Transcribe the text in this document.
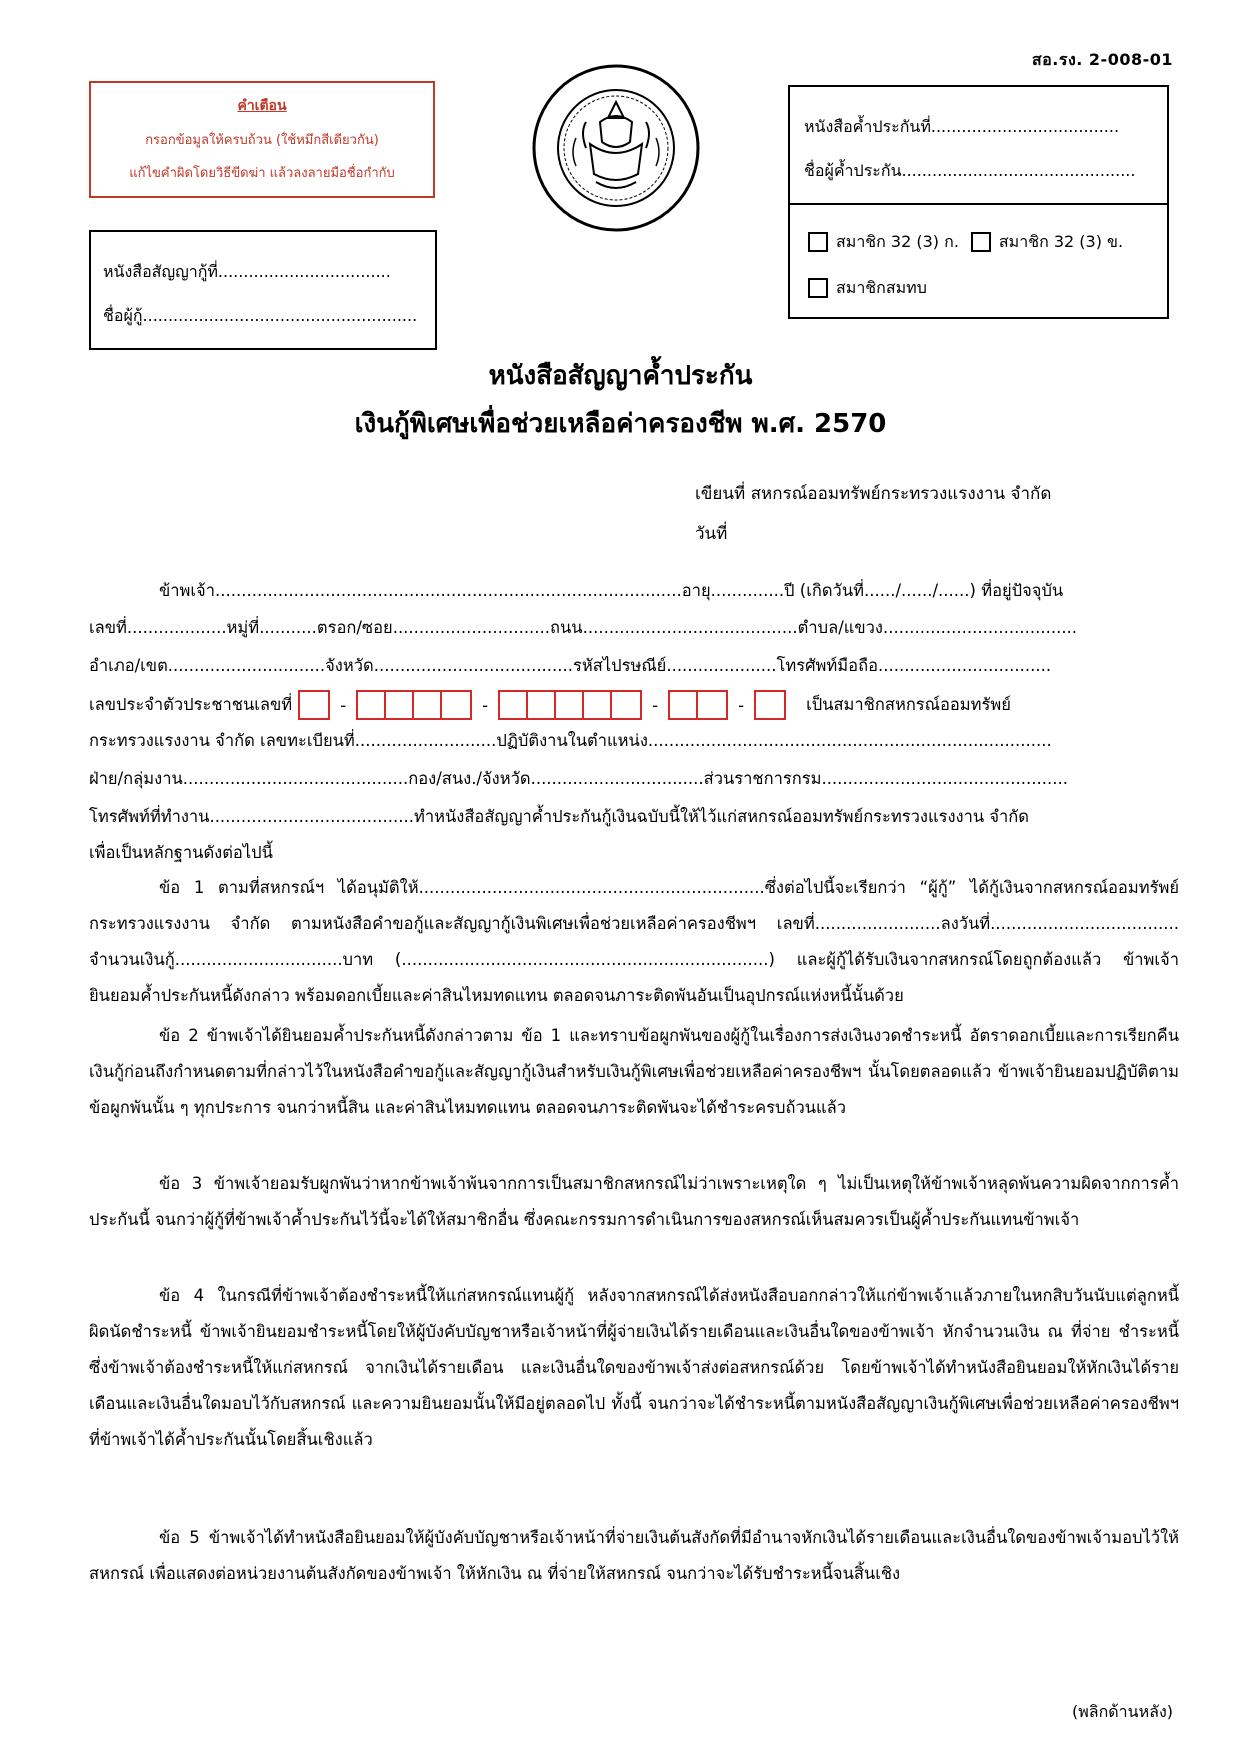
สอ.รง. 2-008-01
คำเตือน
กรอกข้อมูลให้ครบถ้วน (ใช้หมึกสีเดียวกัน)
แก้ไขคำผิดโดยวิธีขีดฆ่า แล้วลงลายมือชื่อกำกับ
หนังสือสัญญากู้ที่..................................
ชื่อผู้กู้......................................................
หนังสือค้ำประกันที่.....................................
ชื่อผู้ค้ำประกัน..............................................
สมาชิก 32 (3) ก.	สมาชิก 32 (3) ข.
สมาชิกสมทบ
หนังสือสัญญาค้ำประกัน
เงินกู้พิเศษเพื่อช่วยเหลือค่าครองชีพ พ.ศ. 2570
เขียนที่ สหกรณ์ออมทรัพย์กระทรวงแรงงาน จำกัด
วันที่
ข้าพเจ้า.........................................................................................อายุ..............ปี (เกิดวันที่....../....../......) ที่อยู่ปัจจุบัน
เลขที่...................หมู่ที่...........ตรอก/ซอย..............................ถนน.........................................ตำบล/แขวง.....................................
อำเภอ/เขต..............................จังหวัด......................................รหัสไปรษณีย์.....................โทรศัพท์มือถือ.................................
เลขประจำตัวประชาชนเลขที่	-	-	-	-	เป็นสมาชิกสหกรณ์ออมทรัพย์
กระทรวงแรงงาน จำกัด เลขทะเบียนที่...........................ปฏิบัติงานในตำแหน่ง.............................................................................
ฝ่าย/กลุ่มงาน...........................................กอง/สนง./จังหวัด.................................ส่วนราชการกรม...............................................
โทรศัพท์ที่ทำงาน.......................................ทำหนังสือสัญญาค้ำประกันกู้เงินฉบับนี้ให้ไว้แก่สหกรณ์ออมทรัพย์กระทรวงแรงงาน จำกัด
เพื่อเป็นหลักฐานดังต่อไปนี้
ข้อ 1 ตามที่สหกรณ์ฯ ได้อนุมัติให้..................................................................ซึ่งต่อไปนี้จะเรียกว่า “ผู้กู้” ได้กู้เงินจากสหกรณ์ออมทรัพย์กระทรวงแรงงาน จำกัด ตามหนังสือคำขอกู้และสัญญากู้เงินพิเศษเพื่อช่วยเหลือค่าครองชีพฯ เลขที่........................ลงวันที่.................................... จำนวนเงินกู้................................บาท (......................................................................) และผู้กู้ได้รับเงินจากสหกรณ์โดยถูกต้องแล้ว ข้าพเจ้ายินยอมค้ำประกันหนี้ดังกล่าว พร้อมดอกเบี้ยและค่าสินไหมทดแทน ตลอดจนภาระติดพันอันเป็นอุปกรณ์แห่งหนี้นั้นด้วย
ข้อ 2 ข้าพเจ้าได้ยินยอมค้ำประกันหนี้ดังกล่าวตาม ข้อ 1 และทราบข้อผูกพันของผู้กู้ในเรื่องการส่งเงินงวดชำระหนี้ อัตราดอกเบี้ยและการเรียกคืนเงินกู้ก่อนถึงกำหนดตามที่กล่าวไว้ในหนังสือคำขอกู้และสัญญากู้เงินสำหรับเงินกู้พิเศษเพื่อช่วยเหลือค่าครองชีพฯ นั้นโดยตลอดแล้ว ข้าพเจ้ายินยอมปฏิบัติตามข้อผูกพันนั้น ๆ ทุกประการ จนกว่าหนี้สิน และค่าสินไหมทดแทน ตลอดจนภาระติดพันจะได้ชำระครบถ้วนแล้ว
ข้อ 3 ข้าพเจ้ายอมรับผูกพันว่าหากข้าพเจ้าพ้นจากการเป็นสมาชิกสหกรณ์ไม่ว่าเพราะเหตุใด ๆ ไม่เป็นเหตุให้ข้าพเจ้าหลุดพ้นความผิดจากการค้ำประกันนี้ จนกว่าผู้กู้ที่ข้าพเจ้าค้ำประกันไว้นี้จะได้ให้สมาชิกอื่น ซึ่งคณะกรรมการดำเนินการของสหกรณ์เห็นสมควรเป็นผู้ค้ำประกันแทนข้าพเจ้า
ข้อ 4 ในกรณีที่ข้าพเจ้าต้องชำระหนี้ให้แก่สหกรณ์แทนผู้กู้ หลังจากสหกรณ์ได้ส่งหนังสือบอกกล่าวให้แก่ข้าพเจ้าแล้วภายในหกสิบวันนับแต่ลูกหนี้ผิดนัดชำระหนี้ ข้าพเจ้ายินยอมชำระหนี้โดยให้ผู้บังคับบัญชาหรือเจ้าหน้าที่ผู้จ่ายเงินได้รายเดือนและเงินอื่นใดของข้าพเจ้า หักจำนวนเงิน ณ ที่จ่าย ชำระหนี้ซึ่งข้าพเจ้าต้องชำระหนี้ให้แก่สหกรณ์ จากเงินได้รายเดือน และเงินอื่นใดของข้าพเจ้าส่งต่อสหกรณ์ด้วย โดยข้าพเจ้าได้ทำหนังสือยินยอมให้หักเงินได้รายเดือนและเงินอื่นใดมอบไว้กับสหกรณ์ และความยินยอมนั้นให้มีอยู่ตลอดไป ทั้งนี้ จนกว่าจะได้ชำระหนี้ตามหนังสือสัญญาเงินกู้พิเศษเพื่อช่วยเหลือค่าครองชีพฯ ที่ข้าพเจ้าได้ค้ำประกันนั้นโดยสิ้นเชิงแล้ว
ข้อ 5 ข้าพเจ้าได้ทำหนังสือยินยอมให้ผู้บังคับบัญชาหรือเจ้าหน้าที่จ่ายเงินต้นสังกัดที่มีอำนาจหักเงินได้รายเดือนและเงินอื่นใดของข้าพเจ้ามอบไว้ให้สหกรณ์ เพื่อแสดงต่อหน่วยงานต้นสังกัดของข้าพเจ้า ให้หักเงิน ณ ที่จ่ายให้สหกรณ์ จนกว่าจะได้รับชำระหนี้จนสิ้นเชิง
(พลิกด้านหลัง)
